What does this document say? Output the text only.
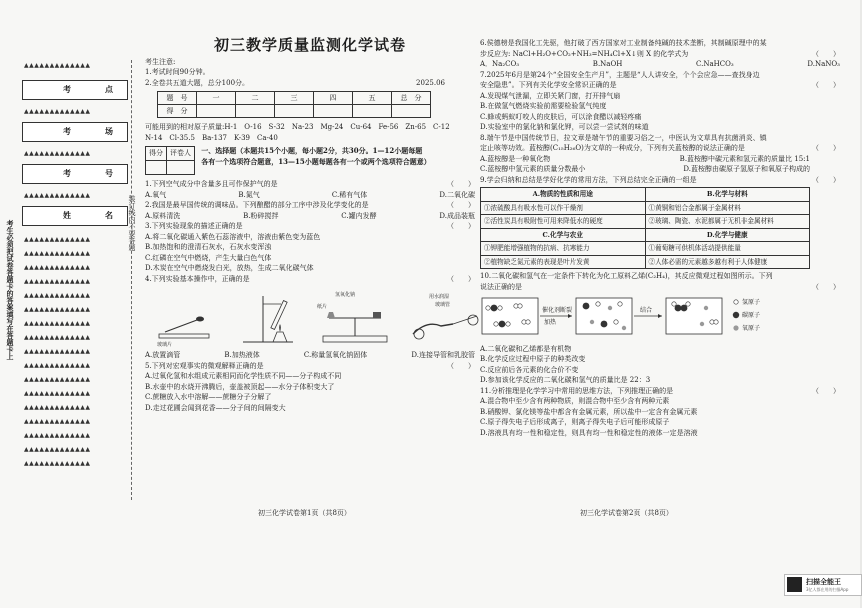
▲▲▲▲▲▲▲▲▲▲▲▲▲
考　　点
▲▲▲▲▲▲▲▲▲▲▲▲▲
考　　场
▲▲▲▲▲▲▲▲▲▲▲▲▲
考　　号
▲▲▲▲▲▲▲▲▲▲▲▲▲
姓　　名
▲▲▲▲▲▲▲▲▲▲▲▲▲
▲▲▲▲▲▲▲▲▲▲▲▲▲
▲▲▲▲▲▲▲▲▲▲▲▲▲
▲▲▲▲▲▲▲▲▲▲▲▲▲
▲▲▲▲▲▲▲▲▲▲▲▲▲
▲▲▲▲▲▲▲▲▲▲▲▲▲
▲▲▲▲▲▲▲▲▲▲▲▲▲
▲▲▲▲▲▲▲▲▲▲▲▲▲
▲▲▲▲▲▲▲▲▲▲▲▲▲
▲▲▲▲▲▲▲▲▲▲▲▲▲
▲▲▲▲▲▲▲▲▲▲▲▲▲
▲▲▲▲▲▲▲▲▲▲▲▲▲
▲▲▲▲▲▲▲▲▲▲▲▲▲
▲▲▲▲▲▲▲▲▲▲▲▲▲
▲▲▲▲▲▲▲▲▲▲▲▲▲
▲▲▲▲▲▲▲▲▲▲▲▲▲
▲▲▲▲▲▲▲▲▲▲▲▲▲
考生必须把试卷答题卡的答案填写在答题卡上	装订线内不要答题
初三教学质量监测化学试卷

考生注意:

1.考试时间90分钟。

2.全卷共五道大题，总分100分。	2025.06
题　号	一	二	三	四	五	总　分
得　分						

可能用到的相对原子质量:H-1　O-16　S-32　Na-23　Mg-24　Cu-64　Fe-56　Zn-65　C-12

N-14　Cl-35.5　Ba-137　K-39　Ca-40

得分	评卷人
	一、选择题（本题共15个小题，每小题2分，共30分。1—12小题每题
各有一个选项符合题意，13—15小题每题各有一个或两个选项符合题意）
1.下列空气成分中含量多且可作保护气的是	（　　）
A.氧气	B.氮气	C.稀有气体	D.二氧化碳
2.我国是最早国传统的调味品。下列酿醋的部分工序中涉及化学变化的是	（　　）
A.原料清洗	B.粉碎搅拌	C.罐内发酵	D.成品装瓶
3.下列实验现象的描述正确的是	（　　）

A.将二氧化碳通入紫色石蕊溶液中，溶液由紫色变为蓝色

B.加热饱和的澄清石灰水，石灰水变浑浊

C.红磷在空气中燃烧，产生大量白色气体

D.木炭在空气中燃烧发白光，放热，生成二氧化碳气体

4.下列实验基本操作中，正确的是	（　　）
玻璃片
氢氧化钠
纸片
用水润湿
玻璃管
A.放置滴管	B.加热液体	C.称量氢氧化钠固体	D.连接导管和乳胶管
5.下列对宏观事实的微观解释正确的是	（　　）

A.过氧化氢和水组成元素相同而化学性质不同——分子构成不同

B.水壶中的水烧开沸腾后，壶盖被顶起——水分子体积变大了

C.蔗糖放入水中溶解——蔗糖分子分解了

D.走过花圃会闻到花香——分子间的间隔变大

初三化学试卷第1页（共8页）

6.侯德榜是我国化工先驱，他打破了西方国家对工业制备纯碱的技术垄断，其制碱原理中的某

步反应为: NaCl+H₂O+CO₂+NH₃=NH₄Cl+X↓则 X 的化学式为	（　　）
A．Na₂CO₃	B.NaOH	C.NaHCO₃	D.NaNO₃

7.2025年6月是第24个“全国安全生产月”，主题是“人人讲安全，个个会应急——查找身边

安全隐患”。下列有关化学安全常识正确的是	（　　）

A.发现煤气泄漏，立即关紧门窗，打开排气扇

B.在做氢气燃烧实验前需要检验氢气纯度

C.蜂或蚂蚁叮咬人的皮肤后，可以涂食醋以减轻疼痛

D.实验室中的氯化钠和氯化钾，可以尝一尝试剂的味道

8.端午节是中国传统节日，拉文章是端午节的重要习俗之一，中医认为文草具有抗菌消炎、镇

定止咳等功效。蓝桉醇(C₁₅H₂₆O)为文草的一种成分，下列有关蓝桉醇的说法正确的是	（　　）
A.蓝桉醇是一种氧化物	B.蓝桉醇中碳元素和氢元素的质量比 15:1
C.蓝桉醇中氢元素的质量分数最小	D.蓝桉醇由碳原子氢原子和氧原子构成的
9.学会归纳和总结是学好化学的常用方法，下列总结完全正确的一组是	（　　）
A.物质的性质和用途	B.化学与材料
①浓硫酸具有吸水性可以作干燥剂	①黄铜和铝合金都属于金属材料
②活性炭具有吸附性可用来降低水的硬度	②玻璃、陶瓷、水泥都属于无机非金属材料
C.化学与农业	D.化学与健康
①钾肥能增强植物的抗病、抗寒能力	①葡萄糖可供机体活动提供能量
②植物缺乏氮元素的表现是叶片发黄	②人体必需的元素越多越有利于人体健康

10.二氧化碳和氢气在一定条件下转化为化工原料乙烯(C₂H₄)，其反应微观过程如图所示。下列

说法正确的是	（　　）
催化剂
加热
断裂	结合
氢原子
碳原子
氧原子

A.二氧化碳和乙烯都是有机物

B.化学反应过程中原子的种类改变

C.反应前后各元素的化合价不变

D.参加该化学反应的二氧化碳和氢气的质量比是 22：3

11.分析推理是化学学习中常用的思维方法，下列推理正确的是	（　　）

A.混合物中至少含有两种物质，则混合物中至少含有两种元素

B.硝酸钾、氯化镁等盐中都含有金属元素，所以盐中一定含有金属元素

C.原子得失电子后形成离子，则离子得失电子后可能形成原子

D.溶液具有均一性和稳定性，则具有均一性和稳定性的液体一定是溶液

初三化学试卷第2页（共8页）
扫描全能王
3亿人都在用的扫描App
